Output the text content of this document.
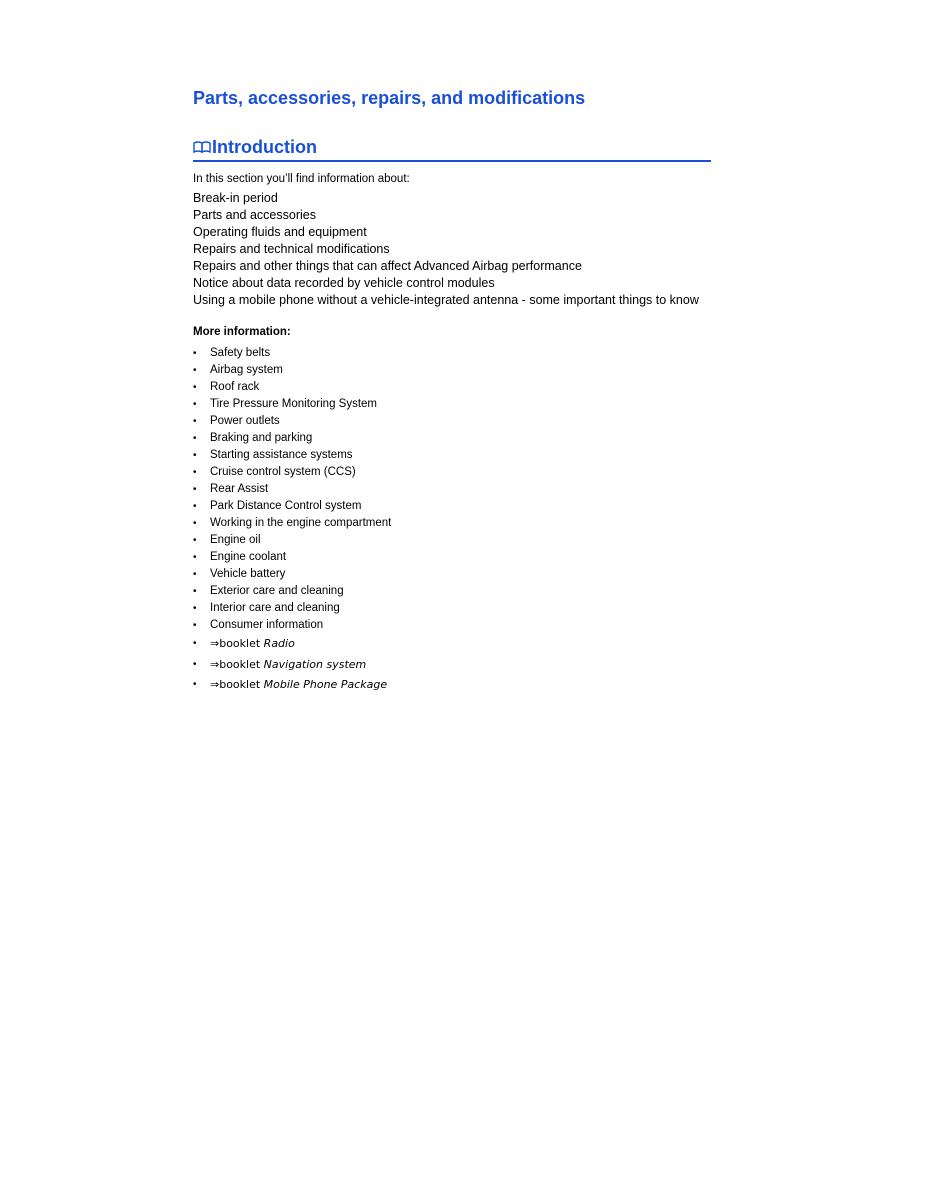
Parts, accessories, repairs, and modifications
Introduction
In this section you’ll find information about:
Break-in period
Parts and accessories
Operating fluids and equipment
Repairs and technical modifications
Repairs and other things that can affect Advanced Airbag performance
Notice about data recorded by vehicle control modules
Using a mobile phone without a vehicle-integrated antenna - some important things to know
More information:
• Safety belts
• Airbag system
• Roof rack
• Tire Pressure Monitoring System
• Power outlets
• Braking and parking
• Starting assistance systems
• Cruise control system (CCS)
• Rear Assist
• Park Distance Control system
• Working in the engine compartment
• Engine oil
• Engine coolant
• Vehicle battery
• Exterior care and cleaning
• Interior care and cleaning
• Consumer information
• ⇒booklet Radio
• ⇒booklet Navigation system
• ⇒booklet Mobile Phone Package
